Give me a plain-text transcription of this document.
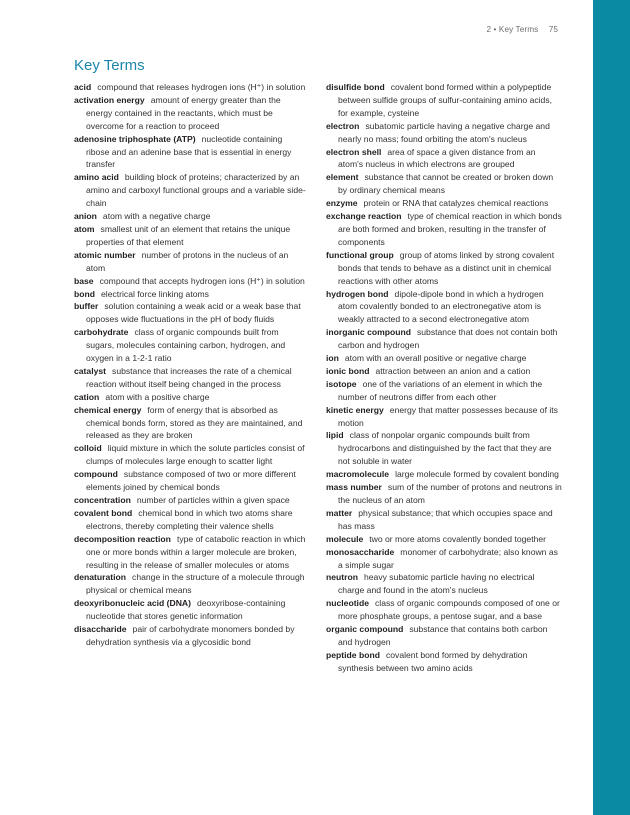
2 • Key Terms 75
Key Terms
acid compound that releases hydrogen ions (H⁺) in solution
activation energy amount of energy greater than the energy contained in the reactants, which must be overcome for a reaction to proceed
adenosine triphosphate (ATP) nucleotide containing ribose and an adenine base that is essential in energy transfer
amino acid building block of proteins; characterized by an amino and carboxyl functional groups and a variable side-chain
anion atom with a negative charge
atom smallest unit of an element that retains the unique properties of that element
atomic number number of protons in the nucleus of an atom
base compound that accepts hydrogen ions (H⁺) in solution
bond electrical force linking atoms
buffer solution containing a weak acid or a weak base that opposes wide fluctuations in the pH of body fluids
carbohydrate class of organic compounds built from sugars, molecules containing carbon, hydrogen, and oxygen in a 1-2-1 ratio
catalyst substance that increases the rate of a chemical reaction without itself being changed in the process
cation atom with a positive charge
chemical energy form of energy that is absorbed as chemical bonds form, stored as they are maintained, and released as they are broken
colloid liquid mixture in which the solute particles consist of clumps of molecules large enough to scatter light
compound substance composed of two or more different elements joined by chemical bonds
concentration number of particles within a given space
covalent bond chemical bond in which two atoms share electrons, thereby completing their valence shells
decomposition reaction type of catabolic reaction in which one or more bonds within a larger molecule are broken, resulting in the release of smaller molecules or atoms
denaturation change in the structure of a molecule through physical or chemical means
deoxyribonucleic acid (DNA) deoxyribose-containing nucleotide that stores genetic information
disaccharide pair of carbohydrate monomers bonded by dehydration synthesis via a glycosidic bond
disulfide bond covalent bond formed within a polypeptide between sulfide groups of sulfur-containing amino acids, for example, cysteine
electron subatomic particle having a negative charge and nearly no mass; found orbiting the atom's nucleus
electron shell area of space a given distance from an atom's nucleus in which electrons are grouped
element substance that cannot be created or broken down by ordinary chemical means
enzyme protein or RNA that catalyzes chemical reactions
exchange reaction type of chemical reaction in which bonds are both formed and broken, resulting in the transfer of components
functional group group of atoms linked by strong covalent bonds that tends to behave as a distinct unit in chemical reactions with other atoms
hydrogen bond dipole-dipole bond in which a hydrogen atom covalently bonded to an electronegative atom is weakly attracted to a second electronegative atom
inorganic compound substance that does not contain both carbon and hydrogen
ion atom with an overall positive or negative charge
ionic bond attraction between an anion and a cation
isotope one of the variations of an element in which the number of neutrons differ from each other
kinetic energy energy that matter possesses because of its motion
lipid class of nonpolar organic compounds built from hydrocarbons and distinguished by the fact that they are not soluble in water
macromolecule large molecule formed by covalent bonding
mass number sum of the number of protons and neutrons in the nucleus of an atom
matter physical substance; that which occupies space and has mass
molecule two or more atoms covalently bonded together
monosaccharide monomer of carbohydrate; also known as a simple sugar
neutron heavy subatomic particle having no electrical charge and found in the atom's nucleus
nucleotide class of organic compounds composed of one or more phosphate groups, a pentose sugar, and a base
organic compound substance that contains both carbon and hydrogen
peptide bond covalent bond formed by dehydration synthesis between two amino acids
